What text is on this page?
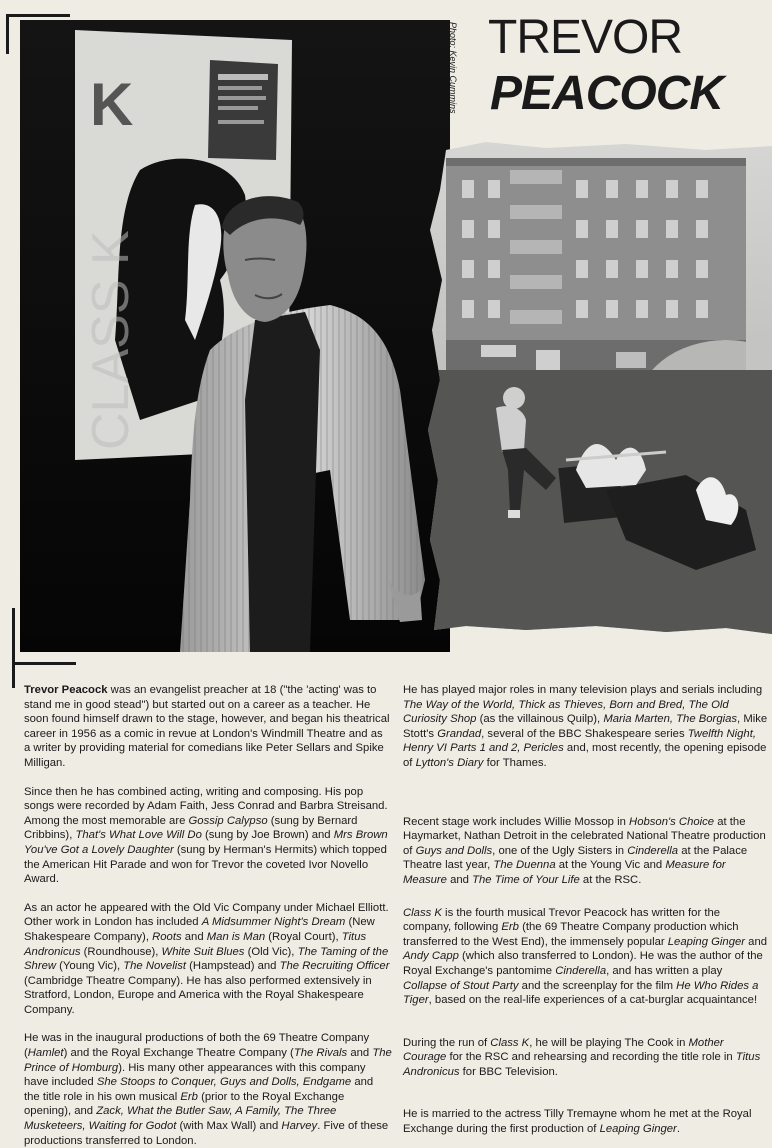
K
CLASS K
Photo: Kevin Cummins TREVOR
PEACOCK

Trevor Peacock was an evangelist preacher at 18 ("the 'acting' was to stand me in good stead") but started out on a career as a teacher. He soon found himself drawn to the stage, however, and began his theatrical career in 1956 as a comic in revue at London's Windmill Theatre and as a writer by providing material for comedians like Peter Sellars and Spike Milligan.

Since then he has combined acting, writing and composing. His pop songs were recorded by Adam Faith, Jess Conrad and Barbra Streisand. Among the most memorable are Gossip Calypso (sung by Bernard Cribbins), That's What Love Will Do (sung by Joe Brown) and Mrs Brown You've Got a Lovely Daughter (sung by Herman's Hermits) which topped the American Hit Parade and won for Trevor the coveted Ivor Novello Award.

As an actor he appeared with the Old Vic Company under Michael Elliott. Other work in London has included A Midsummer Night's Dream (New Shakespeare Company), Roots and Man is Man (Royal Court), Titus Andronicus (Roundhouse), White Suit Blues (Old Vic), The Taming of the Shrew (Young Vic), The Novelist (Hampstead) and The Recruiting Officer (Cambridge Theatre Company). He has also performed extensively in Stratford, London, Europe and America with the Royal Shakespeare Company.

He was in the inaugural productions of both the 69 Theatre Company (Hamlet) and the Royal Exchange Theatre Company (The Rivals and The Prince of Homburg). His many other appearances with this company have included She Stoops to Conquer, Guys and Dolls, Endgame and the title role in his own musical Erb (prior to the Royal Exchange opening), and Zack, What the Butler Saw, A Family, The Three Musketeers, Waiting for Godot (with Max Wall) and Harvey. Five of these productions transferred to London.

He has played major roles in many television plays and serials including The Way of the World, Thick as Thieves, Born and Bred, The Old Curiosity Shop (as the villainous Quilp), Maria Marten, The Borgias, Mike Stott's Grandad, several of the BBC Shakespeare series Twelfth Night, Henry VI Parts 1 and 2, Pericles and, most recently, the opening episode of Lytton's Diary for Thames.

Recent stage work includes Willie Mossop in Hobson's Choice at the Haymarket, Nathan Detroit in the celebrated National Theatre production of Guys and Dolls, one of the Ugly Sisters in Cinderella at the Palace Theatre last year, The Duenna at the Young Vic and Measure for Measure and The Time of Your Life at the RSC.

Class K is the fourth musical Trevor Peacock has written for the company, following Erb (the 69 Theatre Company production which transferred to the West End), the immensely popular Leaping Ginger and Andy Capp (which also transferred to London). He was the author of the Royal Exchange's pantomime Cinderella, and has written a play Collapse of Stout Party and the screenplay for the film He Who Rides a Tiger, based on the real-life experiences of a cat-burglar acquaintance!

During the run of Class K, he will be playing The Cook in Mother Courage for the RSC and rehearsing and recording the title role in Titus Andronicus for BBC Television.

He is married to the actress Tilly Tremayne whom he met at the Royal Exchange during the first production of Leaping Ginger.
